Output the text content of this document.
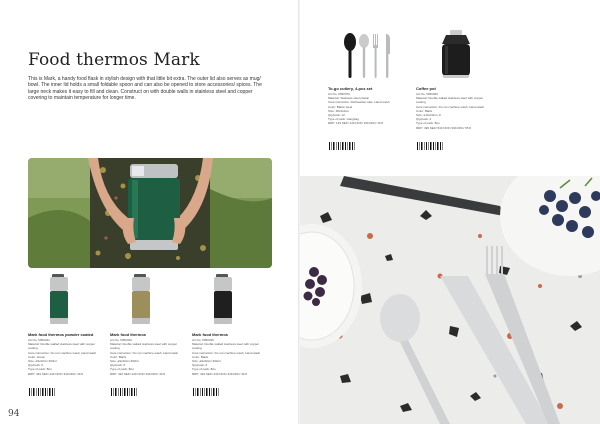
Food thermos Mark

This is Mark, a handy food flask in stylish design with that little bit extra. The outer lid also serves as mug/ bowl. The inner lid holds a small foldable spoon and can also be opened to store accessories/ spices. The large neck makes it easy to fill and clean. Construct on with double walls in stainless steel and copper covering to maintain temperature for longer time.

Mark food thermos powder coated

Art.No. 5050341
Material: Double walled stainless steel with copper coating
Care instruction: Do not machine wash, Hand wash
Color: Green
Size: ø9x20cm 600ml
Qty/pack: 6
Type of pack: Box
RRP: 449 SEK/ 449 NOK/ 349 DKK/ 49 €

Mark food thermos

Art.No. 5050340
Material: Double walled stainless steel with copper coating
Care instruction: Do not machine wash, Hand wash
Color: Black
Size: ø9x20cm 600ml
Qty/pack: 6
Type of pack: Box
RRP: 449 SEK/ 449 NOK/ 349 DKK/ 49 €

Mark food thermos

Art.No. 5050336
Material: Double walled stainless steel with copper coating
Care instruction: Do not machine wash, Hand wash
Color: Black
Size: ø9x20cm 600ml
Qty/pack: 6
Type of pack: Box
RRP: 449 SEK/ 449 NOK/ 349 DKK/ 49 €

94
To-go cutlery, 4-pcs set

Art.No. 5050370
Material: Stainless steel plastic
Care instruction: Dishwasher safe, Hand wash
Color: Black/ steel
Size: 18x3x2cm
Qty/pack: 12
Type of pack: Hangbag
RRP: 129 SEK/ 149 NOK/ 109 DKK/ 16 €

Coffee pot

Art.No. 5050360
Material: Double walled stainless steel with copper coating
Care instruction: Do not machine wash, Hand wash
Color: Black
Size: ø10x23cm 1l
Qty/pack: 4
Type of pack: Box
RRP: 499 SEK/ 549 NOK/ 399 DKK/ 55 €
